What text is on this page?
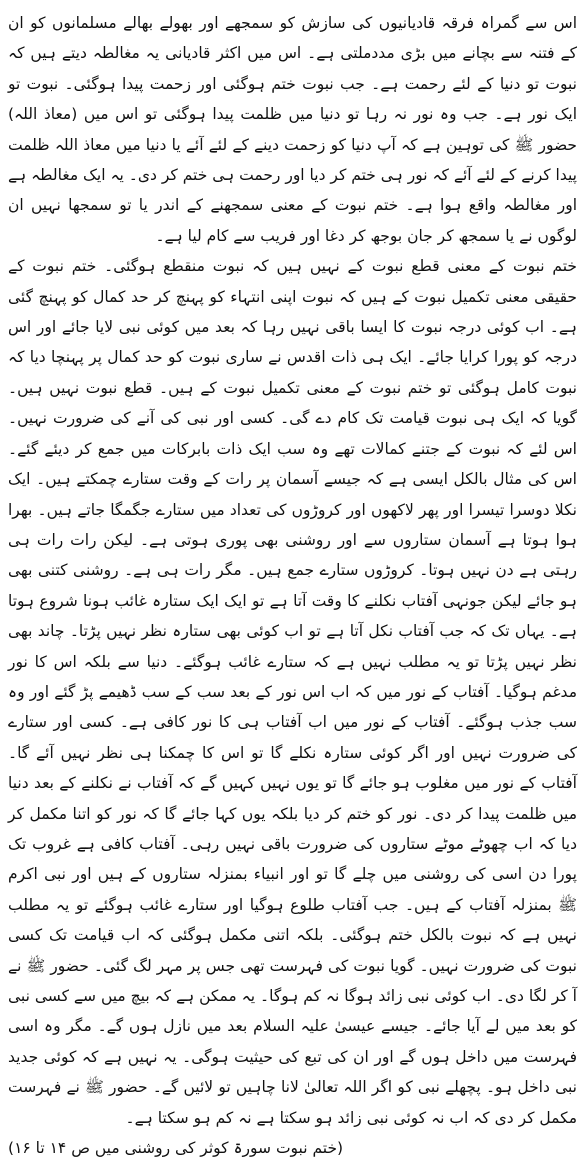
اس سے گمراہ فرقہ قادیانیوں کی سازش کو سمجھے اور بھولے بھالے مسلمانوں کو ان کے فتنہ سے بچانے میں بڑی مددملتی ہے۔ اس میں اکثر قادیانی یہ مغالطہ دیتے ہیں کہ نبوت تو دنیا کے لئے رحمت ہے۔ جب نبوت ختم ہوگئی اور زحمت پیدا ہوگئی۔ نبوت تو ایک نور ہے۔ جب وہ نور نہ رہا تو دنیا میں ظلمت پیدا ہوگئی تو اس میں (معاذ اللہ) حضور ﷺ کی توہین ہے کہ آپ دنیا کو زحمت دینے کے لئے آئے یا دنیا میں معاذ اللہ ظلمت پیدا کرنے کے لئے آئے کہ نور ہی ختم کر دیا اور رحمت ہی ختم کر دی۔ یہ ایک مغالطہ ہے اور مغالطہ واقع ہوا ہے۔ ختم نبوت کے معنی سمجھنے کے اندر یا تو سمجھا نہیں ان لوگوں نے یا سمجھ کر جان بوجھ کر دغا اور فریب سے کام لیا ہے۔

ختم نبوت کے معنی قطع نبوت کے نہیں ہیں کہ نبوت منقطع ہوگئی۔ ختم نبوت کے حقیقی معنی تکمیل نبوت کے ہیں کہ نبوت اپنی انتہاء کو پہنچ کر حد کمال کو پہنچ گئی ہے۔ اب کوئی درجہ نبوت کا ایسا باقی نہیں رہا کہ بعد میں کوئی نبی لایا جائے اور اس درجہ کو پورا کرایا جائے۔ ایک ہی ذات اقدس نے ساری نبوت کو حد کمال پر پہنچا دیا کہ نبوت کامل ہوگئی تو ختم نبوت کے معنی تکمیل نبوت کے ہیں۔ قطع نبوت نہیں ہیں۔ گویا کہ ایک ہی نبوت قیامت تک کام دے گی۔ کسی اور نبی کی آنے کی ضرورت نہیں۔ اس لئے کہ نبوت کے جتنے کمالات تھے وہ سب ایک ذات بابرکات میں جمع کر دیئے گئے۔ اس کی مثال بالکل ایسی ہے کہ جیسے آسمان پر رات کے وقت ستارے چمکتے ہیں۔ ایک نکلا دوسرا تیسرا اور پھر لاکھوں اور کروڑوں کی تعداد میں ستارے جگمگا جاتے ہیں۔ بھرا ہوا ہوتا ہے آسمان ستاروں سے اور روشنی بھی پوری ہوتی ہے۔ لیکن رات رات ہی رہتی ہے دن نہیں ہوتا۔ کروڑوں ستارے جمع ہیں۔ مگر رات ہی ہے۔ روشنی کتنی بھی ہو جائے لیکن جونہی آفتاب نکلنے کا وقت آتا ہے تو ایک ایک ستارہ غائب ہونا شروع ہوتا ہے۔ یہاں تک کہ جب آفتاب نکل آتا ہے تو اب کوئی بھی ستارہ نظر نہیں پڑتا۔ چاند بھی نظر نہیں پڑتا تو یہ مطلب نہیں ہے کہ ستارے غائب ہوگئے۔ دنیا سے بلکہ اس کا نور مدغم ہوگیا۔ آفتاب کے نور میں کہ اب اس نور کے بعد سب کے سب ڈھیمے پڑ گئے اور وہ سب جذب ہوگئے۔ آفتاب کے نور میں اب آفتاب ہی کا نور کافی ہے۔ کسی اور ستارے کی ضرورت نہیں اور اگر کوئی ستارہ نکلے گا تو اس کا چمکنا ہی نظر نہیں آئے گا۔ آفتاب کے نور میں مغلوب ہو جائے گا تو یوں نہیں کہیں گے کہ آفتاب نے نکلنے کے بعد دنیا میں ظلمت پیدا کر دی۔ نور کو ختم کر دیا بلکہ یوں کہا جائے گا کہ نور کو اتنا مکمل کر دیا کہ اب چھوٹے موٹے ستاروں کی ضرورت باقی نہیں رہی۔ آفتاب کافی ہے غروب تک پورا دن اسی کی روشنی میں چلے گا تو اور انبیاء بمنزلہ ستاروں کے ہیں اور نبی اکرم ﷺ بمنزلہ آفتاب کے ہیں۔ جب آفتاب طلوع ہوگیا اور ستارے غائب ہوگئے تو یہ مطلب نہیں ہے کہ نبوت بالکل ختم ہوگئی۔ بلکہ اتنی مکمل ہوگئی کہ اب قیامت تک کسی نبوت کی ضرورت نہیں۔ گویا نبوت کی فہرست تھی جس پر مہر لگ گئی۔ حضور ﷺ نے آ کر لگا دی۔ اب کوئی نبی زائد ہوگا نہ کم ہوگا۔ یہ ممکن ہے کہ بیچ میں سے کسی نبی کو بعد میں لے آیا جائے۔ جیسے عیسیٰ علیہ السلام بعد میں نازل ہوں گے۔ مگر وہ اسی فہرست میں داخل ہوں گے اور ان کی تبع کی حیثیت ہوگی۔ یہ نہیں ہے کہ کوئی جدید نبی داخل ہو۔ پچھلے نبی کو اگر اللہ تعالیٰ لانا چاہیں تو لائیں گے۔ حضور ﷺ نے فہرست مکمل کر دی کہ اب نہ کوئی نبی زائد ہو سکتا ہے نہ کم ہو سکتا ہے۔

(ختم نبوت سورۃ کوثر کی روشنی میں ص ۱۴ تا ۱۶)
